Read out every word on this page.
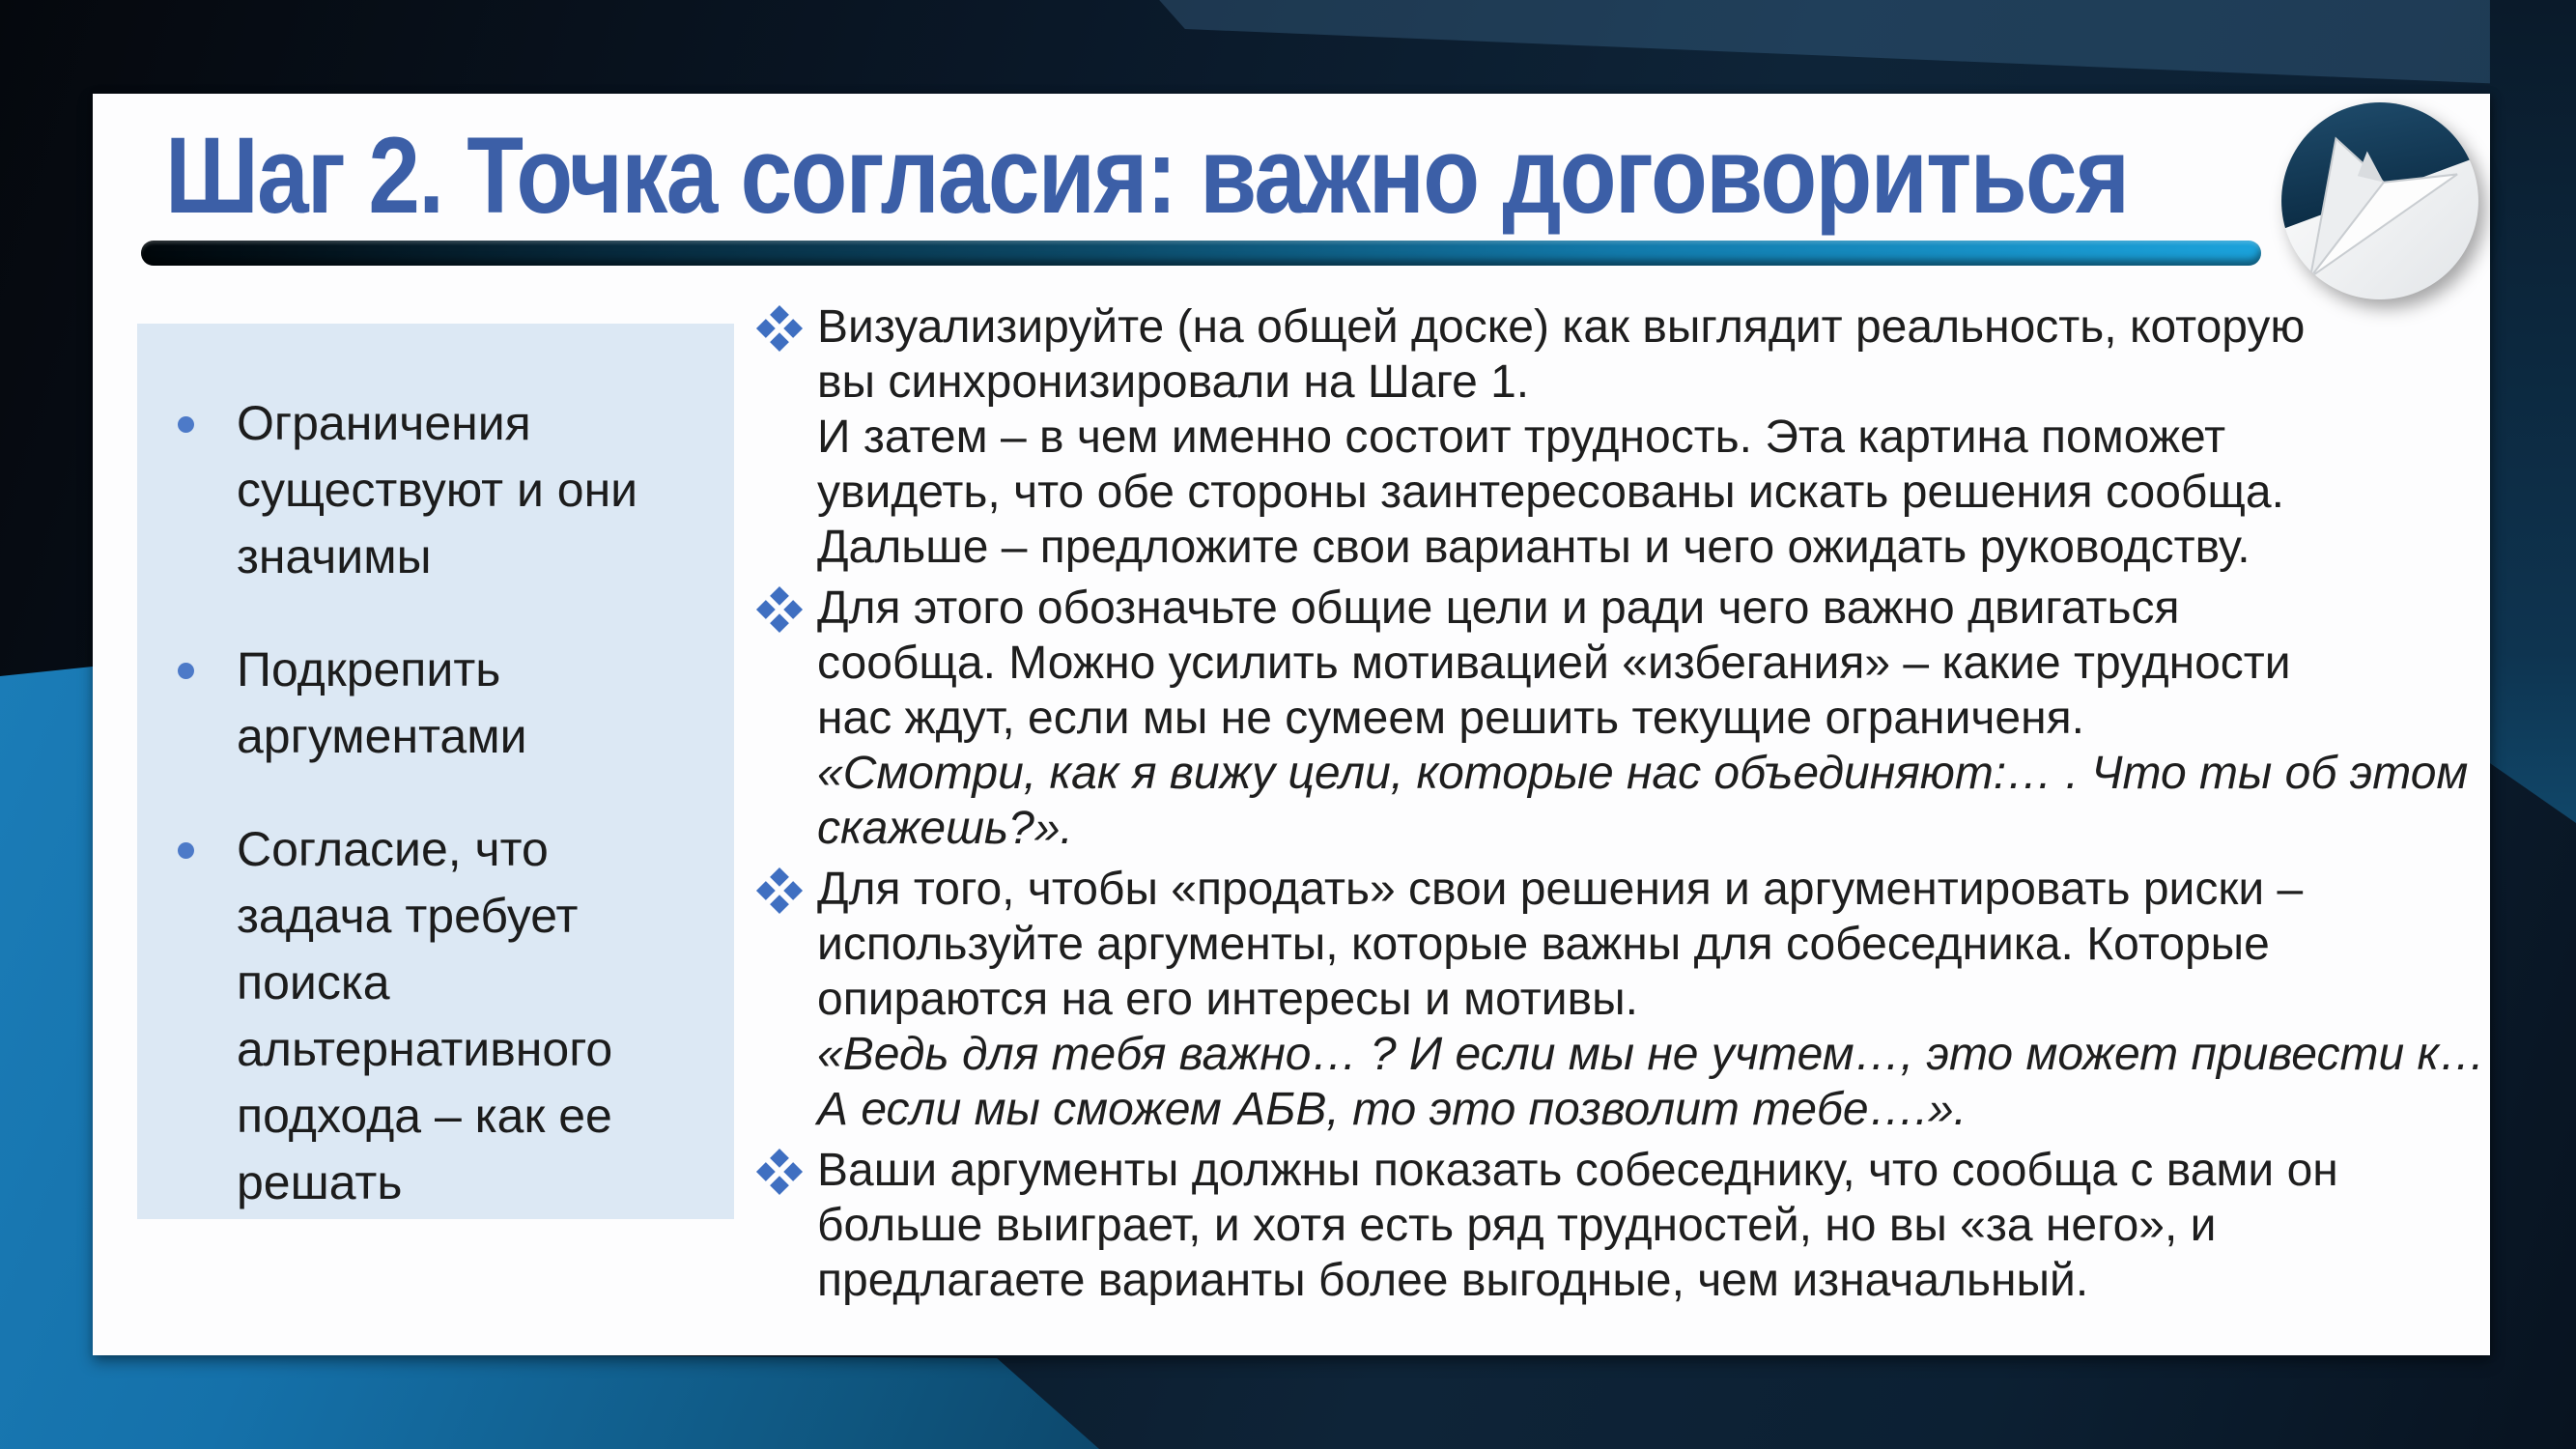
Шаг 2. Точка согласия: важно договориться
Ограничения существуют и они значимы
Подкрепить аргументами
Согласие, что задача требует поиска альтернативного подхода – как ее решать
Визуализируйте (на общей доске) как выглядит реальность, которую
вы синхронизировали на Шаге 1.
И затем – в чем именно состоит трудность. Эта картина поможет
увидеть, что обе стороны заинтересованы искать решения сообща.
Дальше – предложите свои варианты и чего ожидать руководству.
Для этого обозначьте общие цели и ради чего важно двигаться
сообща. Можно усилить мотивацией «избегания» – какие трудности
нас ждут, если мы не сумеем решить текущие ограниченя.
«Смотри, как я вижу цели, которые нас объединяют:… . Что ты об этом
скажешь?».
Для того, чтобы «продать» свои решения и аргументировать риски –
используйте аргументы, которые важны для собеседника. Которые
опираются на его интересы и мотивы.
«Ведь для тебя важно… ? И если мы не учтем…, это может привести к…
А если мы сможем АБВ, то это позволит тебе….».
Ваши аргументы должны показать собеседнику, что сообща с вами он
больше выиграет, и хотя есть ряд трудностей, но вы «за него», и
предлагаете варианты более выгодные, чем изначальный.
